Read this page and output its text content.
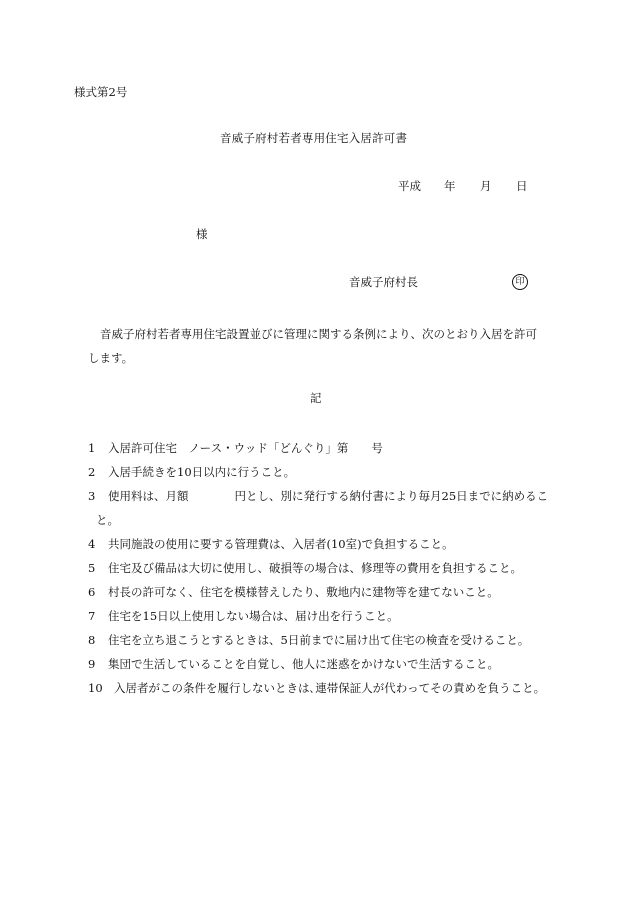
様式第2号
音威子府村若者専用住宅入居許可書
平成 年 月 日
様
音威子府村長	印
音威子府村若者専用住宅設置並びに管理に関する条例により、次のとおり入居を許可
します。
記
1 入居許可住宅　ノース・ウッド「どんぐり」第　　号
2 入居手続きを10日以内に行うこと。
3 使用料は、月額　　　　円とし、別に発行する納付書により毎月25日までに納めるこ
と。
4 共同施設の使用に要する管理費は、入居者(10室)で負担すること。
5 住宅及び備品は大切に使用し、破損等の場合は、修理等の費用を負担すること。
6 村長の許可なく、住宅を模様替えしたり、敷地内に建物等を建てないこと。
7 住宅を15日以上使用しない場合は、届け出を行うこと。
8 住宅を立ち退こうとするときは、5日前までに届け出て住宅の検査を受けること。
9 集団で生活していることを自覚し、他人に迷惑をかけないで生活すること。
10 入居者がこの条件を履行しないときは､連帯保証人が代わってその責めを負うこと。
